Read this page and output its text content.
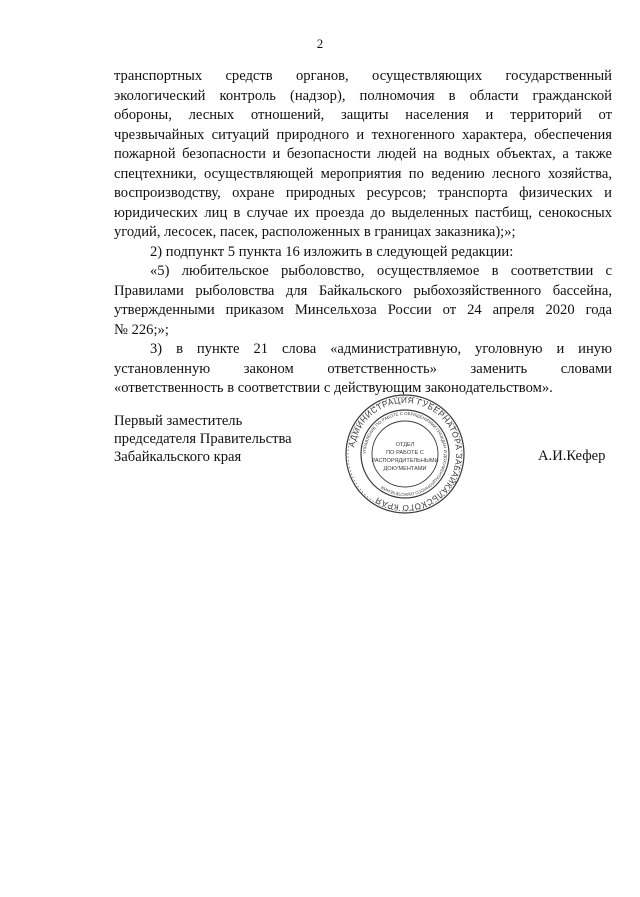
2
транспортных средств органов, осуществляющих государственный
экологический контроль (надзор), полномочия в области гражданской
обороны, лесных отношений, защиты населения и территорий от
чрезвычайных ситуаций природного и техногенного характера, обеспечения
пожарной безопасности и безопасности людей на водных объектах, а также
спецтехники, осуществляющей мероприятия по ведению лесного хозяйства,
воспроизводству, охране природных ресурсов; транспорта физических и
юридических лиц в случае их проезда до выделенных пастбищ, сенокосных
угодий, лесосек, пасек, расположенных в границах заказника);»;
2) подпункт 5 пункта 16 изложить в следующей редакции:
«5) любительское рыболовство, осуществляемое в соответствии с
Правилами рыболовства для Байкальского рыбохозяйственного бассейна,
утвержденными приказом Минсельхоза России от 24 апреля 2020 года
№ 226;»;
3) в пункте 21 слова «административную, уголовную и иную
установленную законом ответственность» заменить словами
«ответственность в соответствии с действующим законодательством».
Первый заместитель
председателя Правительства
Забайкальского края	А.И.Кефер
АДМИНИСТРАЦИЯ ГУБЕРНАТОРА ЗАБАЙКАЛЬСКОГО КРАЯ
УПРАВЛЕНИЕ ПО РАБОТЕ С ОБРАЩЕНИЯМИ ГРАЖДАН И ДОКУМЕНТАЦИОННОГО ОБЕСПЕЧЕНИЯ
ОТДЕЛ
ПО РАБОТЕ С
РАСПОРЯДИТЕЛЬНЫМИ
ДОКУМЕНТАМИ
